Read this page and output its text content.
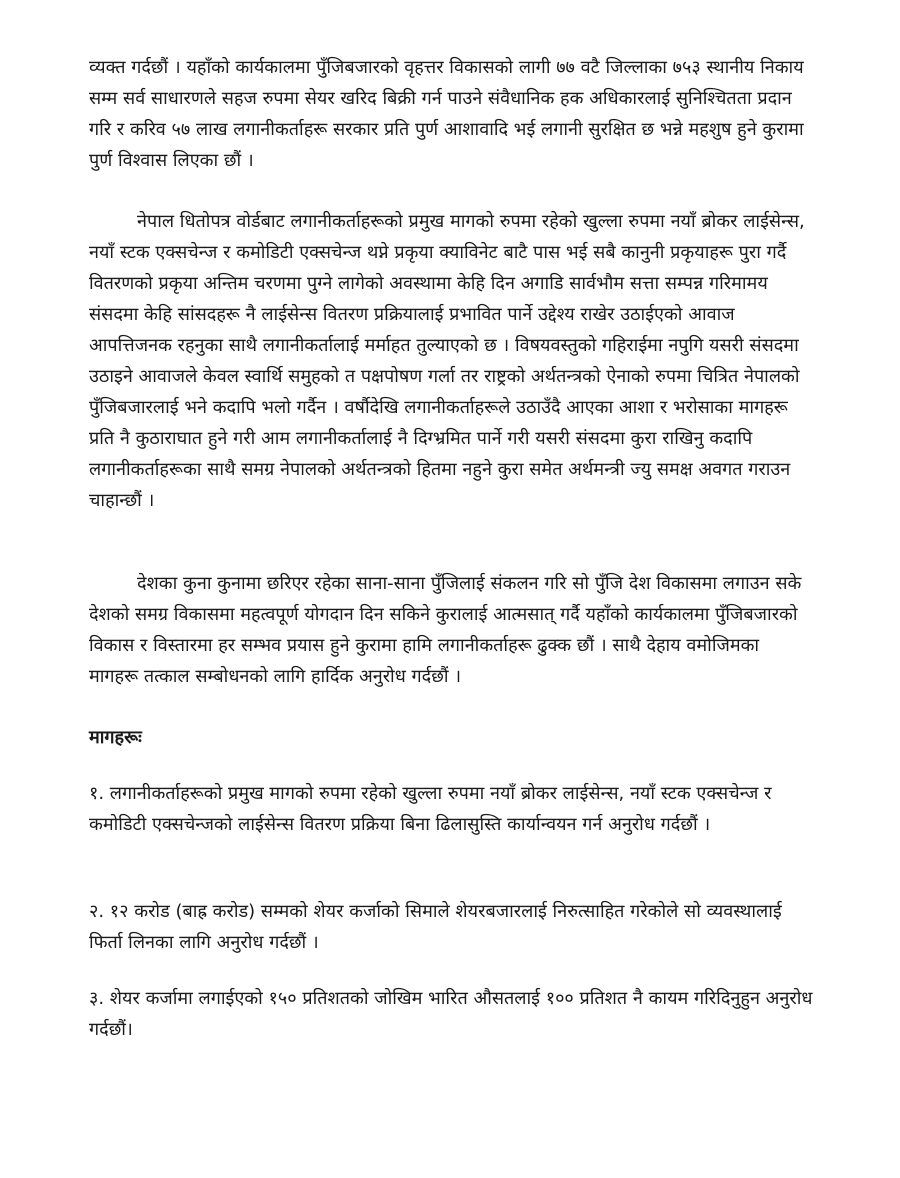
व्यक्त गर्दछौं । यहाँको कार्यकालमा पुँजिबजारको वृहत्तर विकासको लागी ७७ वटै जिल्लाका ७५३ स्थानीय निकाय सम्म सर्व साधारणले सहज रुपमा सेयर खरिद बिक्री गर्न पाउने संवैधानिक हक अधिकारलाई सुनिश्चितता प्रदान गरि र करिव ५७ लाख लगानीकर्ताहरू सरकार प्रति पुर्ण आशावादि भई लगानी सुरक्षित छ भन्ने महशुष हुने कुरामा पुर्ण विश्वास लिएका छौं ।

नेपाल धितोपत्र वोर्डबाट लगानीकर्ताहरूको प्रमुख मागको रुपमा रहेको खुल्ला रुपमा नयाँ ब्रोकर लाईसेन्स, नयाँ स्टक एक्सचेन्ज र कमोडिटी एक्सचेन्ज थप्ने प्रकृया क्याविनेट बाटै पास भई सबै कानुनी प्रकृयाहरू पुरा गर्दै वितरणको प्रकृया अन्तिम चरणमा पुग्ने लागेको अवस्थामा केहि दिन अगाडि सार्वभौम सत्ता सम्पन्न गरिमामय संसदमा केहि सांसदहरू नै लाईसेन्स वितरण प्रक्रियालाई प्रभावित पार्ने उद्देश्य राखेर उठाईएको आवाज आपत्तिजनक रहनुका साथै लगानीकर्तालाई मर्माहत तुल्याएको छ । विषयवस्तुको गहिराईमा नपुगि यसरी संसदमा उठाइने आवाजले केवल स्वार्थि समुहको त पक्षपोषण गर्ला तर राष्ट्रको अर्थतन्त्रको ऐनाको रुपमा चित्रित नेपालको पुँजिबजारलाई भने कदापि भलो गर्दैन । वर्षौदेखि लगानीकर्ताहरूले उठाउँदै आएका आशा र भरोसाका मागहरू प्रति नै कुठाराघात हुने गरी आम लगानीकर्तालाई नै दिग्भ्रमित पार्ने गरी यसरी संसदमा कुरा राखिनु कदापि लगानीकर्ताहरूका साथै समग्र नेपालको अर्थतन्त्रको हितमा नहुने कुरा समेत अर्थमन्त्री ज्यु समक्ष अवगत गराउन चाहान्छौं ।

देशका कुना कुनामा छरिएर रहेका साना-साना पुँजिलाई संकलन गरि सो पुँजि देश विकासमा लगाउन सके देशको समग्र विकासमा महत्वपूर्ण योगदान दिन सकिने कुरालाई आत्मसात् गर्दै यहाँको कार्यकालमा पुँजिबजारको विकास र विस्तारमा हर सम्भव प्रयास हुने कुरामा हामि लगानीकर्ताहरू ढुक्क छौं । साथै देहाय वमोजिमका मागहरू तत्काल सम्बोधनको लागि हार्दिक अनुरोध गर्दछौं ।

मागहरूः

१. लगानीकर्ताहरूको प्रमुख मागको रुपमा रहेको खुल्ला रुपमा नयाँ ब्रोकर लाईसेन्स, नयाँ स्टक एक्सचेन्ज र कमोडिटी एक्सचेन्जको लाईसेन्स वितरण प्रक्रिया बिना ढिलासुस्ति कार्यान्वयन गर्न अनुरोध गर्दछौं ।

२. १२ करोड (बाह्र करोड) सम्मको शेयर कर्जाको सिमाले शेयरबजारलाई निरुत्साहित गरेकोले सो व्यवस्थालाई फिर्ता लिनका लागि अनुरोध गर्दछौं ।

३. शेयर कर्जामा लगाईएको १५० प्रतिशतको जोखिम भारित औसतलाई १०० प्रतिशत नै कायम गरिदिनुहुन अनुरोध गर्दछौं।
